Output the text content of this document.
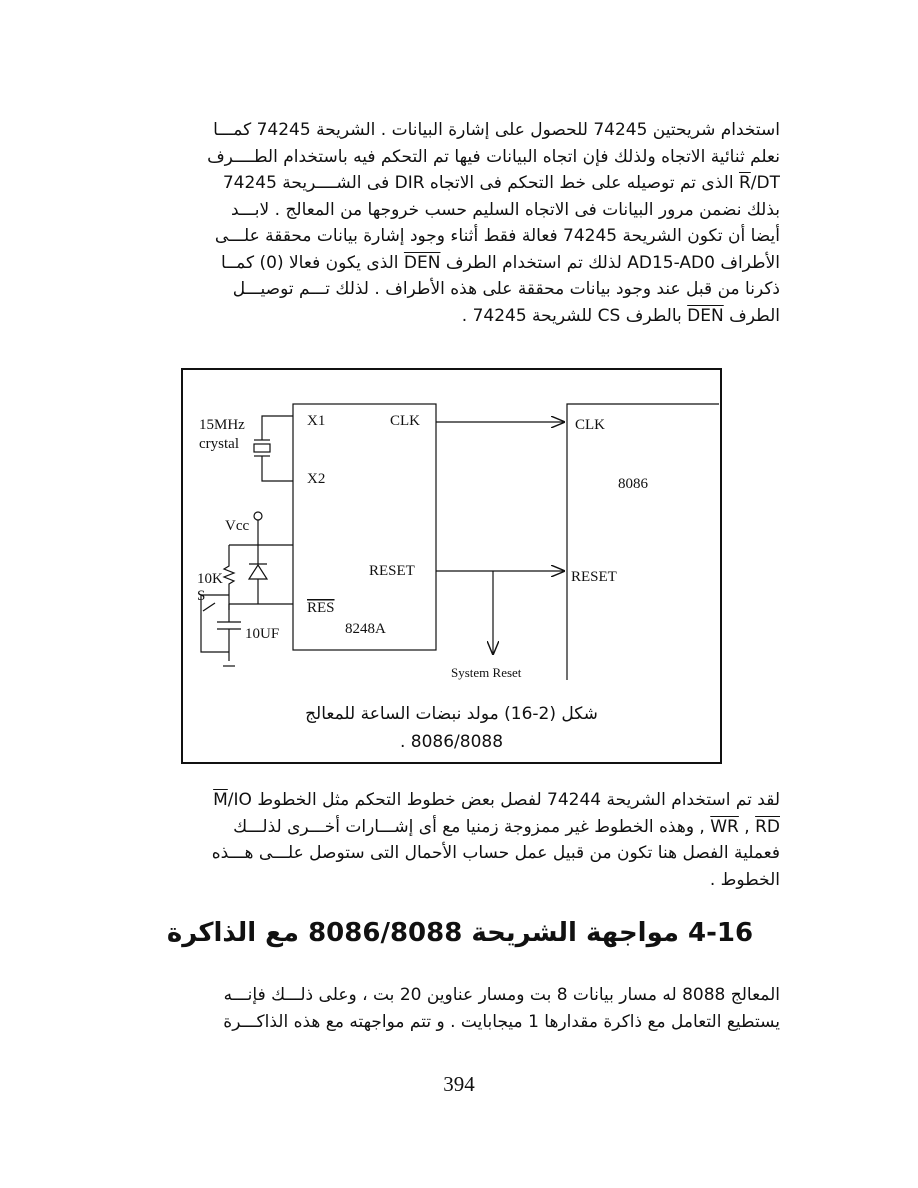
استخدام شريحتين 74245 للحصول على إشارة البيانات . الشريحة 74245 كمـــا
نعلم ثنائية الاتجاه ولذلك فإن اتجاه البيانات فيها تم التحكم فيه باستخدام الطــــرف
$DT/\overline{R}$ الذى تم توصيله على خط التحكم فى الاتجاه DIR فى الشــــريحة 74245
بذلك نضمن مرور البيانات فى الاتجاه السليم حسب خروجها من المعالج . لابـــد
أيضا أن تكون الشريحة 74245 فعالة فقط أثناء وجود إشارة بيانات محققة علـــى
الأطراف AD15-AD0 لذلك تم استخدام الطرف $\overline{DEN}$ الذى يكون فعالا (0) كمــا
ذكرنا من قبل عند وجود بيانات محققة على هذه الأطراف . لذلك تـــم توصيـــل
الطرف $\overline{DEN}$ بالطرف CS للشريحة 74245 .
15MHz
crystal
X1
X2
CLK	CLK
8086
Vcc
10K
S
10UF
RESET	RESET
RES
8248A
System Reset
شكل (2-16) مولد نبضات الساعة للمعالج
8086/8088 .
لقد تم استخدام الشريحة 74244 لفصل بعض خطوط التحكم مثل الخطوط $IO/\overline{M}$
$\overline{RD}$ , $\overline{WR}$ , وهذه الخطوط غير ممزوجة زمنيا مع أى إشـــارات أخـــرى لذلـــك
فعملية الفصل هنا تكون من قبيل عمل حساب الأحمال التى ستوصل علـــى هـــذه
الخطوط .
4-16 مواجهة الشريحة 8086/8088 مع الذاكرة
المعالج 8088 له مسار بيانات 8 بت ومسار عناوين 20 بت ، وعلى ذلـــك فإنـــه
يستطيع التعامل مع ذاكرة مقدارها 1 ميجابايت . و تتم مواجهته مع هذه الذاكـــرة
394
